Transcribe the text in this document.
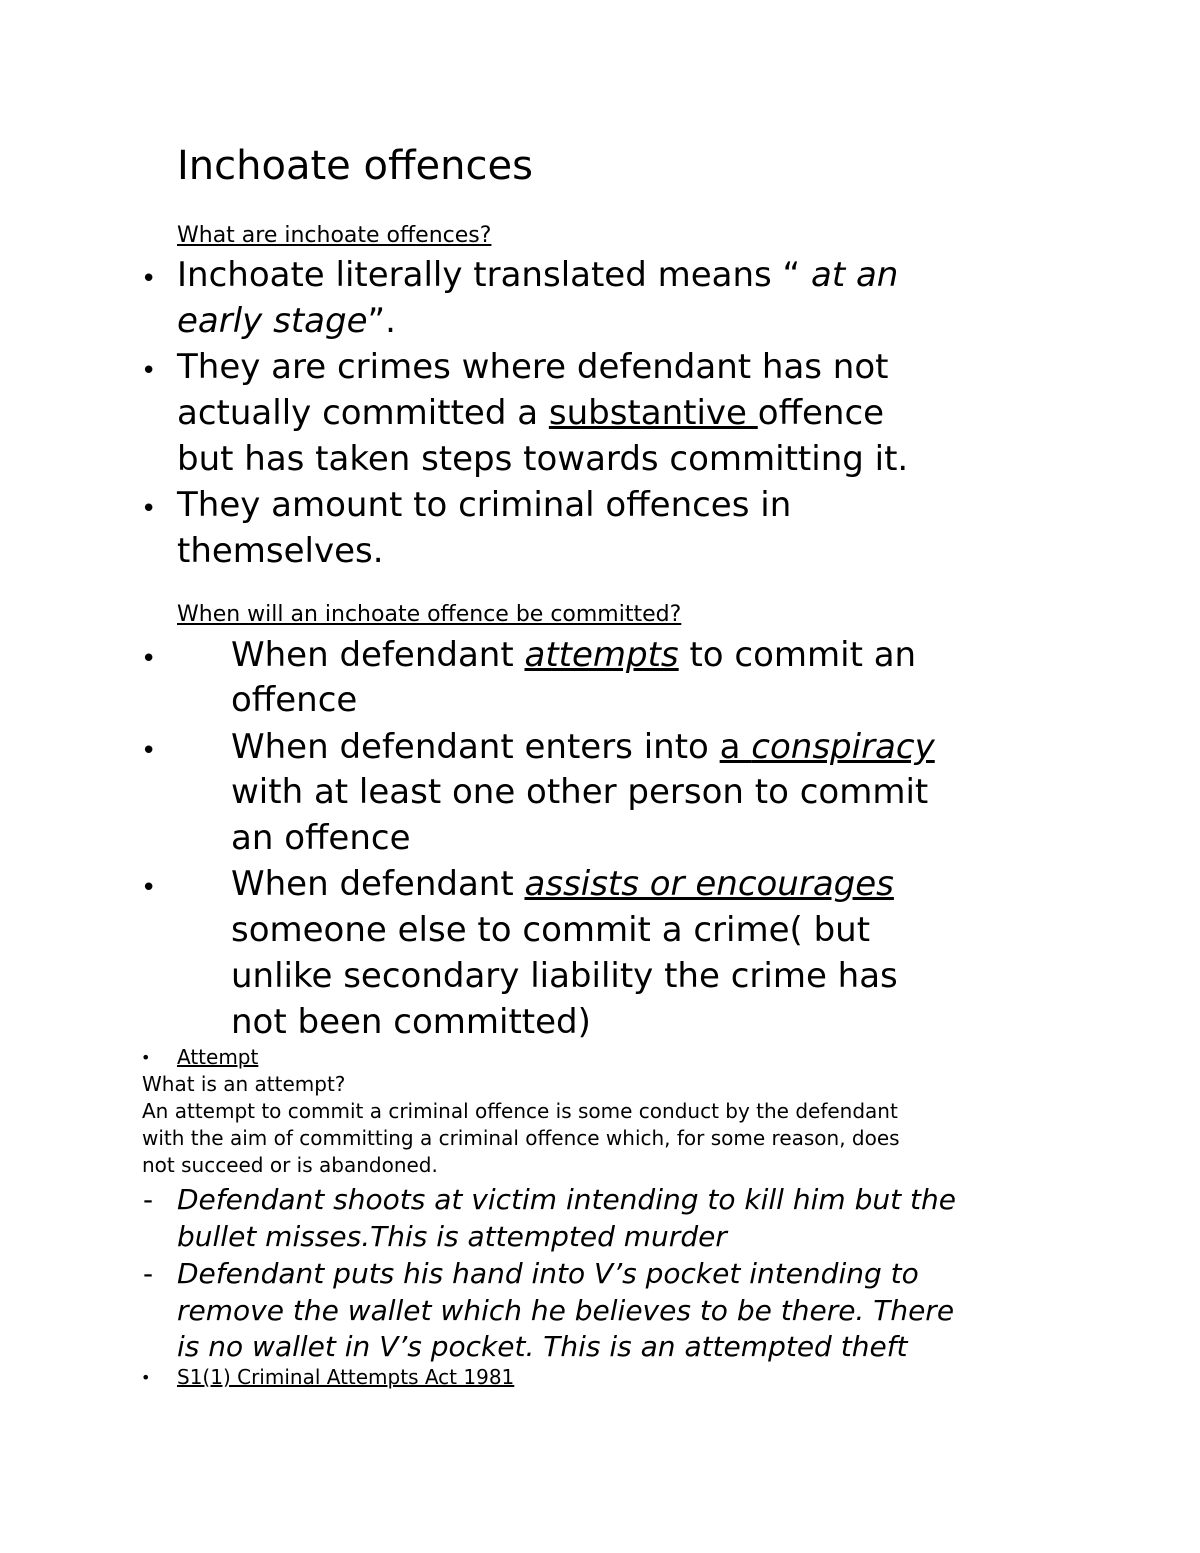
Inchoate offences
What are inchoate offences?
• Inchoate literally translated means “ at an
early stage”.
• They are crimes where defendant has not
actually committed a substantive offence
but has taken steps towards committing it.
• They amount to criminal offences in
themselves.
When will an inchoate offence be committed?
• When defendant attempts to commit an
offence
• When defendant enters into a conspiracy
with at least one other person to commit
an offence
• When defendant assists or encourages
someone else to commit a crime( but
unlike secondary liability the crime has
not been committed)
• Attempt
What is an attempt?
An attempt to commit a criminal offence is some conduct by the defendant
with the aim of committing a criminal offence which, for some reason, does
not succeed or is abandoned.
- Defendant shoots at victim intending to kill him but the
bullet misses.This is attempted murder
- Defendant puts his hand into V’s pocket intending to
remove the wallet which he believes to be there. There
is no wallet in V’s pocket. This is an attempted theft
• S1(1) Criminal Attempts Act 1981
